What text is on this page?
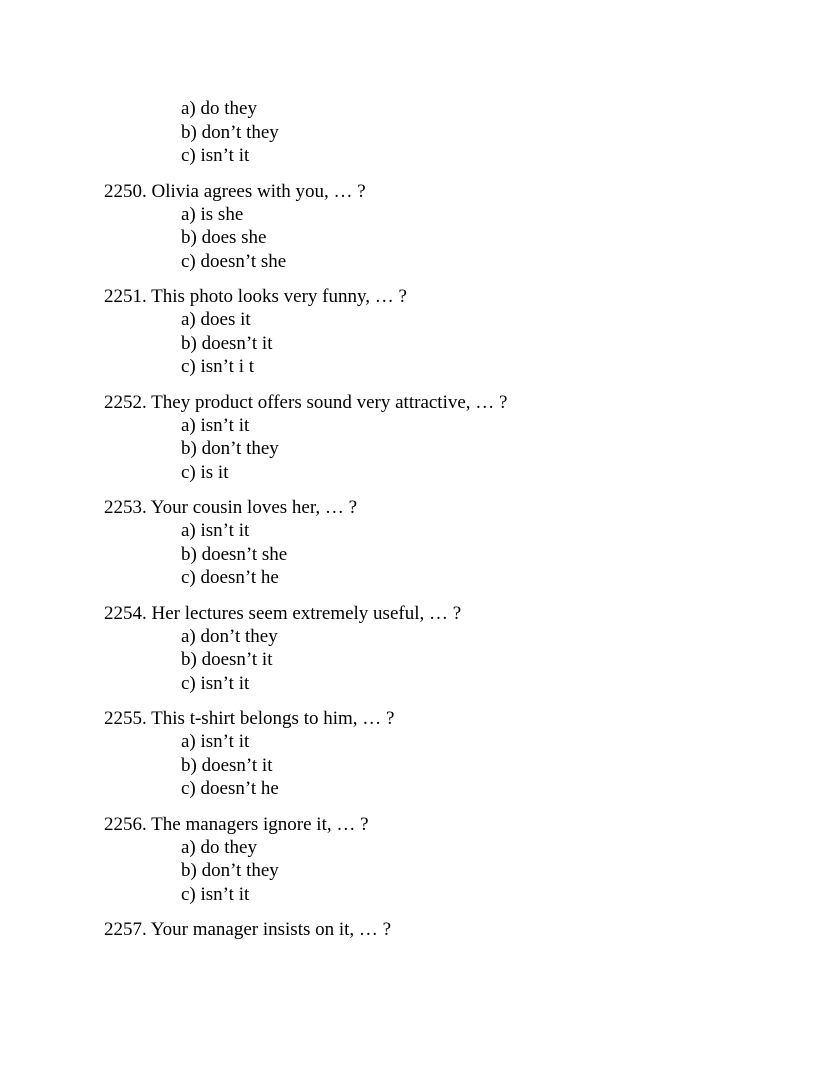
a) do they
b) don’t they
c) isn’t it
2250. Olivia agrees with you, … ?
a) is she
b) does she
c) doesn’t she
2251. This photo looks very funny, … ?
a) does it
b) doesn’t it
c) isn’t i t
2252. They product offers sound very attractive, … ?
a) isn’t it
b) don’t they
c) is it
2253. Your cousin loves her, … ?
a) isn’t it
b) doesn’t she
c) doesn’t he
2254. Her lectures seem extremely useful, … ?
a) don’t they
b) doesn’t it
c) isn’t it
2255. This t-shirt belongs to him, … ?
a) isn’t it
b) doesn’t it
c) doesn’t he
2256. The managers ignore it, … ?
a) do they
b) don’t they
c) isn’t it
2257. Your manager insists on it, … ?
